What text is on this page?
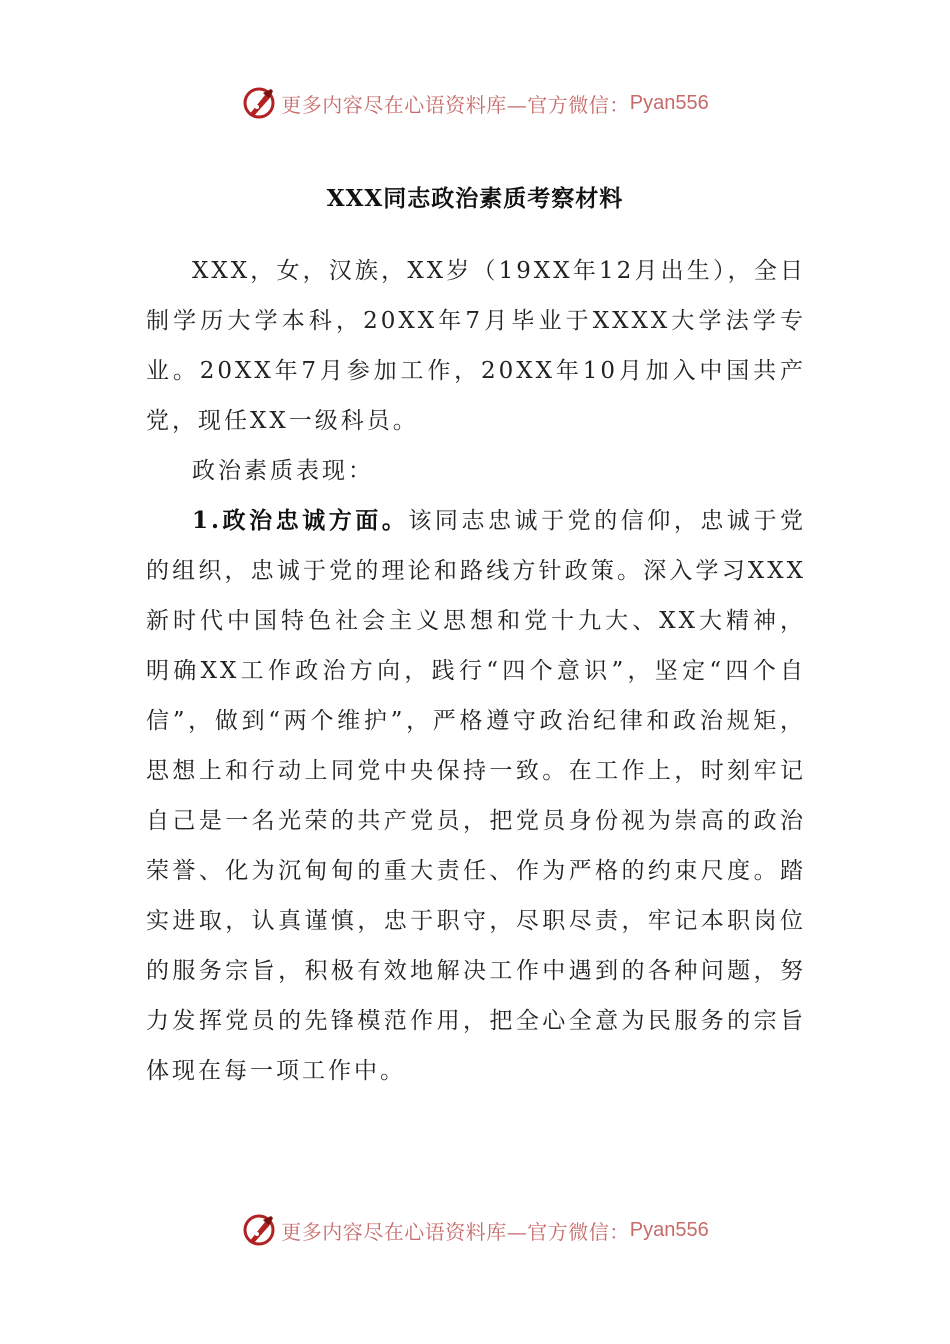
更多内容尽在心语资料库—官方微信： Pyan556
XXX同志政治素质考察材料

XXX，女，汉族，XX岁（19XX年12月出生），全日制学历大学本科，20XX年7月毕业于XXXX大学法学专业。20XX年7月参加工作，20XX年10月加入中国共产党，现任XX一级科员。

政治素质表现：

1.政治忠诚方面。该同志忠诚于党的信仰，忠诚于党的组织，忠诚于党的理论和路线方针政策。深入学习XXX新时代中国特色社会主义思想和党十九大、XX大精神，明确XX工作政治方向，践行“四个意识”，坚定“四个自信”，做到“两个维护”，严格遵守政治纪律和政治规矩，思想上和行动上同党中央保持一致。在工作上，时刻牢记自己是一名光荣的共产党员，把党员身份视为崇高的政治荣誉、化为沉甸甸的重大责任、作为严格的约束尺度。踏实进取，认真谨慎，忠于职守，尽职尽责，牢记本职岗位的服务宗旨，积极有效地解决工作中遇到的各种问题，努力发挥党员的先锋模范作用，把全心全意为民服务的宗旨体现在每一项工作中。

更多内容尽在心语资料库—官方微信： Pyan556
